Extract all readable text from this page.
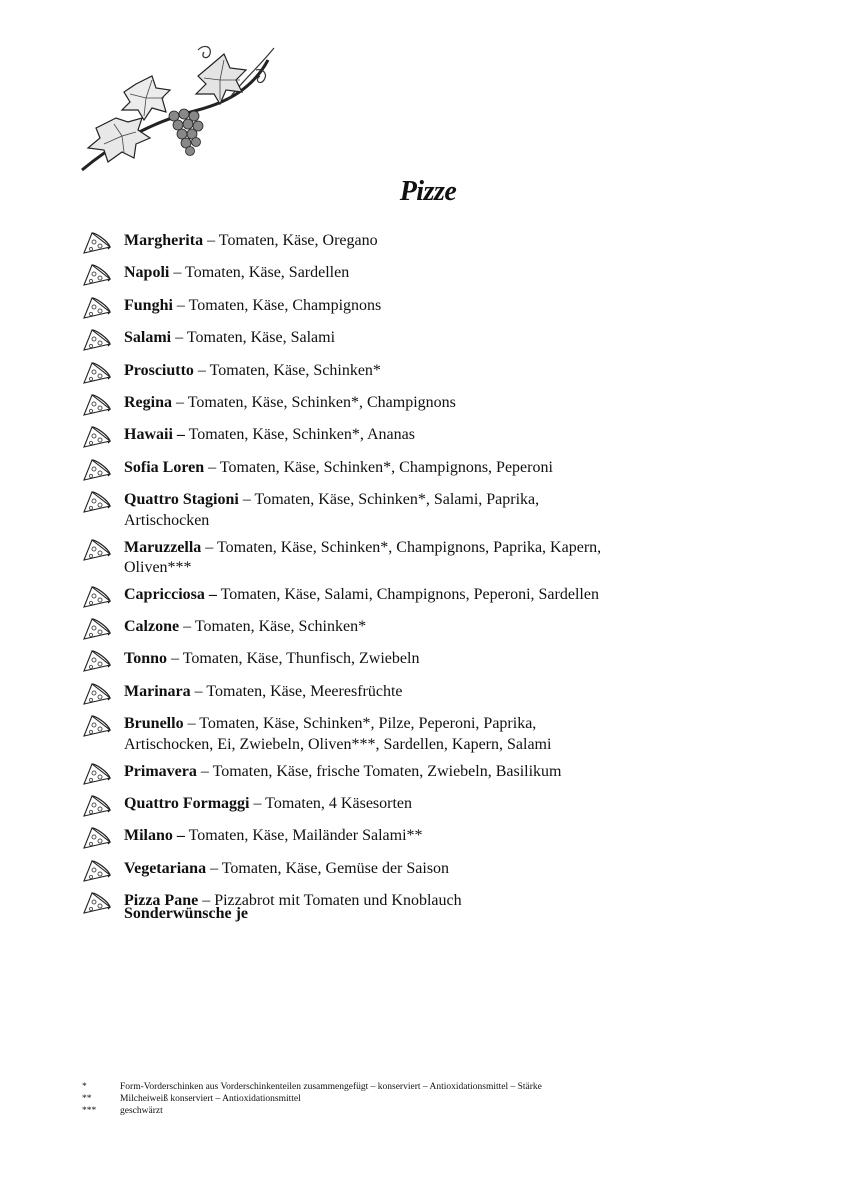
Pizze
Margherita – Tomaten, Käse, Oregano
Napoli – Tomaten, Käse, Sardellen
Funghi – Tomaten, Käse, Champignons
Salami – Tomaten, Käse, Salami
Prosciutto – Tomaten, Käse, Schinken*
Regina – Tomaten, Käse, Schinken*, Champignons
Hawaii – Tomaten, Käse, Schinken*, Ananas
Sofia Loren – Tomaten, Käse, Schinken*, Champignons, Peperoni
Quattro Stagioni – Tomaten, Käse, Schinken*, Salami, Paprika, Artischocken
Maruzzella – Tomaten, Käse, Schinken*, Champignons, Paprika, Kapern, Oliven***
Capricciosa – Tomaten, Käse, Salami, Champignons, Peperoni, Sardellen
Calzone – Tomaten, Käse, Schinken*
Tonno – Tomaten, Käse, Thunfisch, Zwiebeln
Marinara – Tomaten, Käse, Meeresfrüchte
Brunello – Tomaten, Käse, Schinken*, Pilze, Peperoni, Paprika, Artischocken, Ei, Zwiebeln, Oliven***, Sardellen, Kapern, Salami
Primavera – Tomaten, Käse, frische Tomaten, Zwiebeln, Basilikum
Quattro Formaggi – Tomaten, 4 Käsesorten
Milano – Tomaten, Käse, Mailänder Salami**
Vegetariana – Tomaten, Käse, Gemüse der Saison
Pizza Pane – Pizzabrot mit Tomaten und Knoblauch
Sonderwünsche je
*	Form-Vorderschinken aus Vorderschinkenteilen zusammengefügt – konserviert – Antioxidationsmittel – Stärke
**	Milcheiweiß konserviert – Antioxidationsmittel
***	geschwärzt
